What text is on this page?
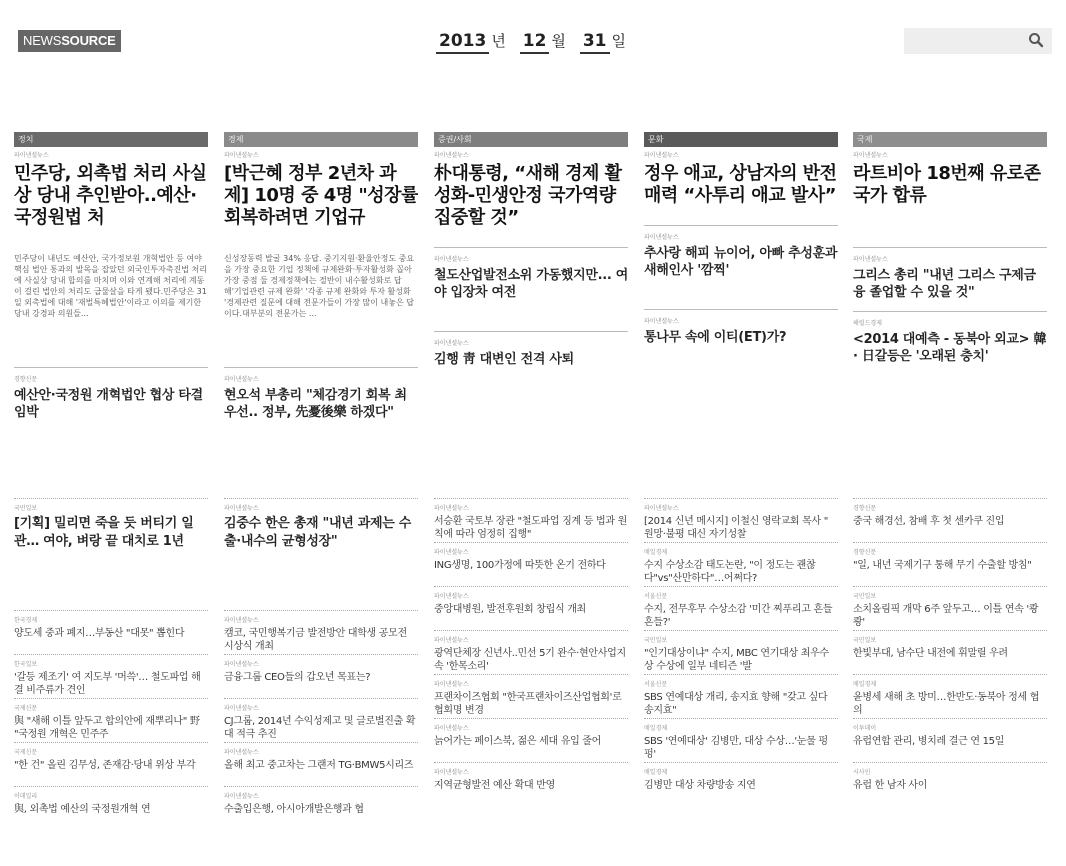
NEWSSOURCE	2013 년 12 월 31 일
정치
파이낸셜뉴스
민주당, 외촉법 처리 사실상 당내 추인받아..예산·국정원법 처
민주당이 내년도 예산안, 국가정보원 개혁법안 등 여야 핵심 법안 통과의 발목을 잡았던 외국인투자촉진법 처리에 사실상 당내 합의를 마치며 이와 연계해 처리에 계동이 걸린 법안의 처리도 급물살을 타게 됐다.민주당은 31일 외촉법에 대해 '재벌특혜법안'이라고 이의를 제기한 당내 강경파 의원들...
경향신문
예산안·국정원 개혁법안 협상 타결 임박
경제
파이낸셜뉴스
[박근혜 정부 2년차 과제] 10명 중 4명 "성장률 회복하려면 기업규
신성장동력 발굴 34% 응답. 중기지원·환율안정도 중요을 가장 중요한 기업 정책에 규제완화·투자활성화 꼽아가장 중점 둘 경제정책에는 절반이 내수활성화로 답해'기업관련 규제 완화' '각종 규제 완화와 투자 활성화 '경제관련 질문에 대해 전문가들이 가장 많이 내놓은 답이다.대부분의 전문가는 ...
파이낸셜뉴스
현오석 부총리 "체감경기 회복 최우선.. 정부, 先憂後樂 하겠다"
증권/사회
파이낸셜뉴스
朴대통령, “새해 경제 활성화-민생안정 국가역량 집중할 것”
파이낸셜뉴스
철도산업발전소위 가동했지만... 여야 입장차 여전
파이낸셜뉴스
김행 靑 대변인 전격 사퇴
문화
파이낸셜뉴스
정우 애교, 상남자의 반전 매력 “사투리 애교 발사”
파이낸셜뉴스
추사랑 해피 뉴이어, 아빠 추성훈과 새해인사 '깜찍'
파이낸셜뉴스
통나무 속에 이티(ET)가?
국제
파이낸셜뉴스
라트비아 18번째 유로존 국가 합류
파이낸셜뉴스
그리스 총리 "내년 그리스 구제금융 졸업할 수 있을 것"
헤럴드경제
<2014 대예측 - 동북아 외교> 韓 · 日갈등은 '오래된 충치'
국민일보
[기획] 밀리면 죽을 듯 버티기 일관… 여야, 벼랑 끝 대치로 1년
한국경제
양도세 중과 폐지…부동산 "대못" 뽑힌다
한국일보
'갈등 제조기' 여 지도부 '머쓱'… 철도파업 해결 비주류가 견인
국제신문
與 "새해 이틀 앞두고 합의안에 재뿌리나" 野 "국정원 개혁은 민주주
국제신문
"한 건" 올린 김무성, 존재감·당내 위상 부각
이데일리
與, 외촉법 예산의 국정원개혁 연
파이낸셜뉴스
김중수 한은 총재 "내년 과제는 수출·내수의 균형성장"
파이낸셜뉴스
캠코, 국민행복기금 발전방안 대학생 공모전 시상식 개최
파이낸셜뉴스
금융그룹 CEO들의 갑오년 목표는?
파이낸셜뉴스
CJ그룹, 2014년 수익성제고 및 글로벌진출 확대 적극 추진
파이낸셜뉴스
올해 최고 중고차는 그랜저 TG·BMW5시리즈
파이낸셜뉴스
수출입은행, 아시아개발은행과 협
파이낸셜뉴스
서승환 국토부 장관 "철도파업 징계 등 법과 원칙에 따라 엄정히 집행"
파이낸셜뉴스
ING생명, 100가정에 따뜻한 온기 전하다
파이낸셜뉴스
중앙대병원, 발전후원회 창립식 개최
파이낸셜뉴스
광역단체장 신년사..민선 5기 완수·현안사업지속 '한목소리'
파이낸셜뉴스
프랜차이즈협회 "한국프랜차이즈산업협회'로 협회명 변경
파이낸셜뉴스
늙어가는 페이스북, 젊은 세대 유입 줄어
파이낸셜뉴스
지역균형발전 예산 확대 반영
파이낸셜뉴스
[2014 신년 메시지] 이철신 영락교회 목사 " 원망·불평 대신 자기성찰
매일경제
수지 수상소감 태도논란, "이 정도는 괜찮다"vs"산만하다"…어쩌다?
서울신문
수지, 전무후무 수상소감 '미간 찌푸리고 흔들흔들?'
국민일보
"인기대상이냐" 수지, MBC 연기대상 최우수상 수상에 일부 네티즌 '발
서울신문
SBS 연예대상 개리, 송지효 향해 "갖고 싶다 송지효"
매일경제
SBS '연예대상' 김병만, 대상 수상…'눈물 펑펑'
매일경제
김병만 대상 차량방송 지연
경향신문
중국 해경선, 참배 후 첫 센카쿠 진입
경향신문
"일, 내년 국제기구 통해 무기 수출할 방침"
국민일보
소치올림픽 개막 6주 앞두고… 이틀 연속 '쾅 쾅'
국민일보
한빛부대, 남수단 내전에 휘말릴 우려
매일경제
윤병세 새해 초 방미…한반도·동북아 정세 협의
이투데이
유럽연합 관리, 병치레 결근 연 15일
시사인
유럽 한 남자 사이
